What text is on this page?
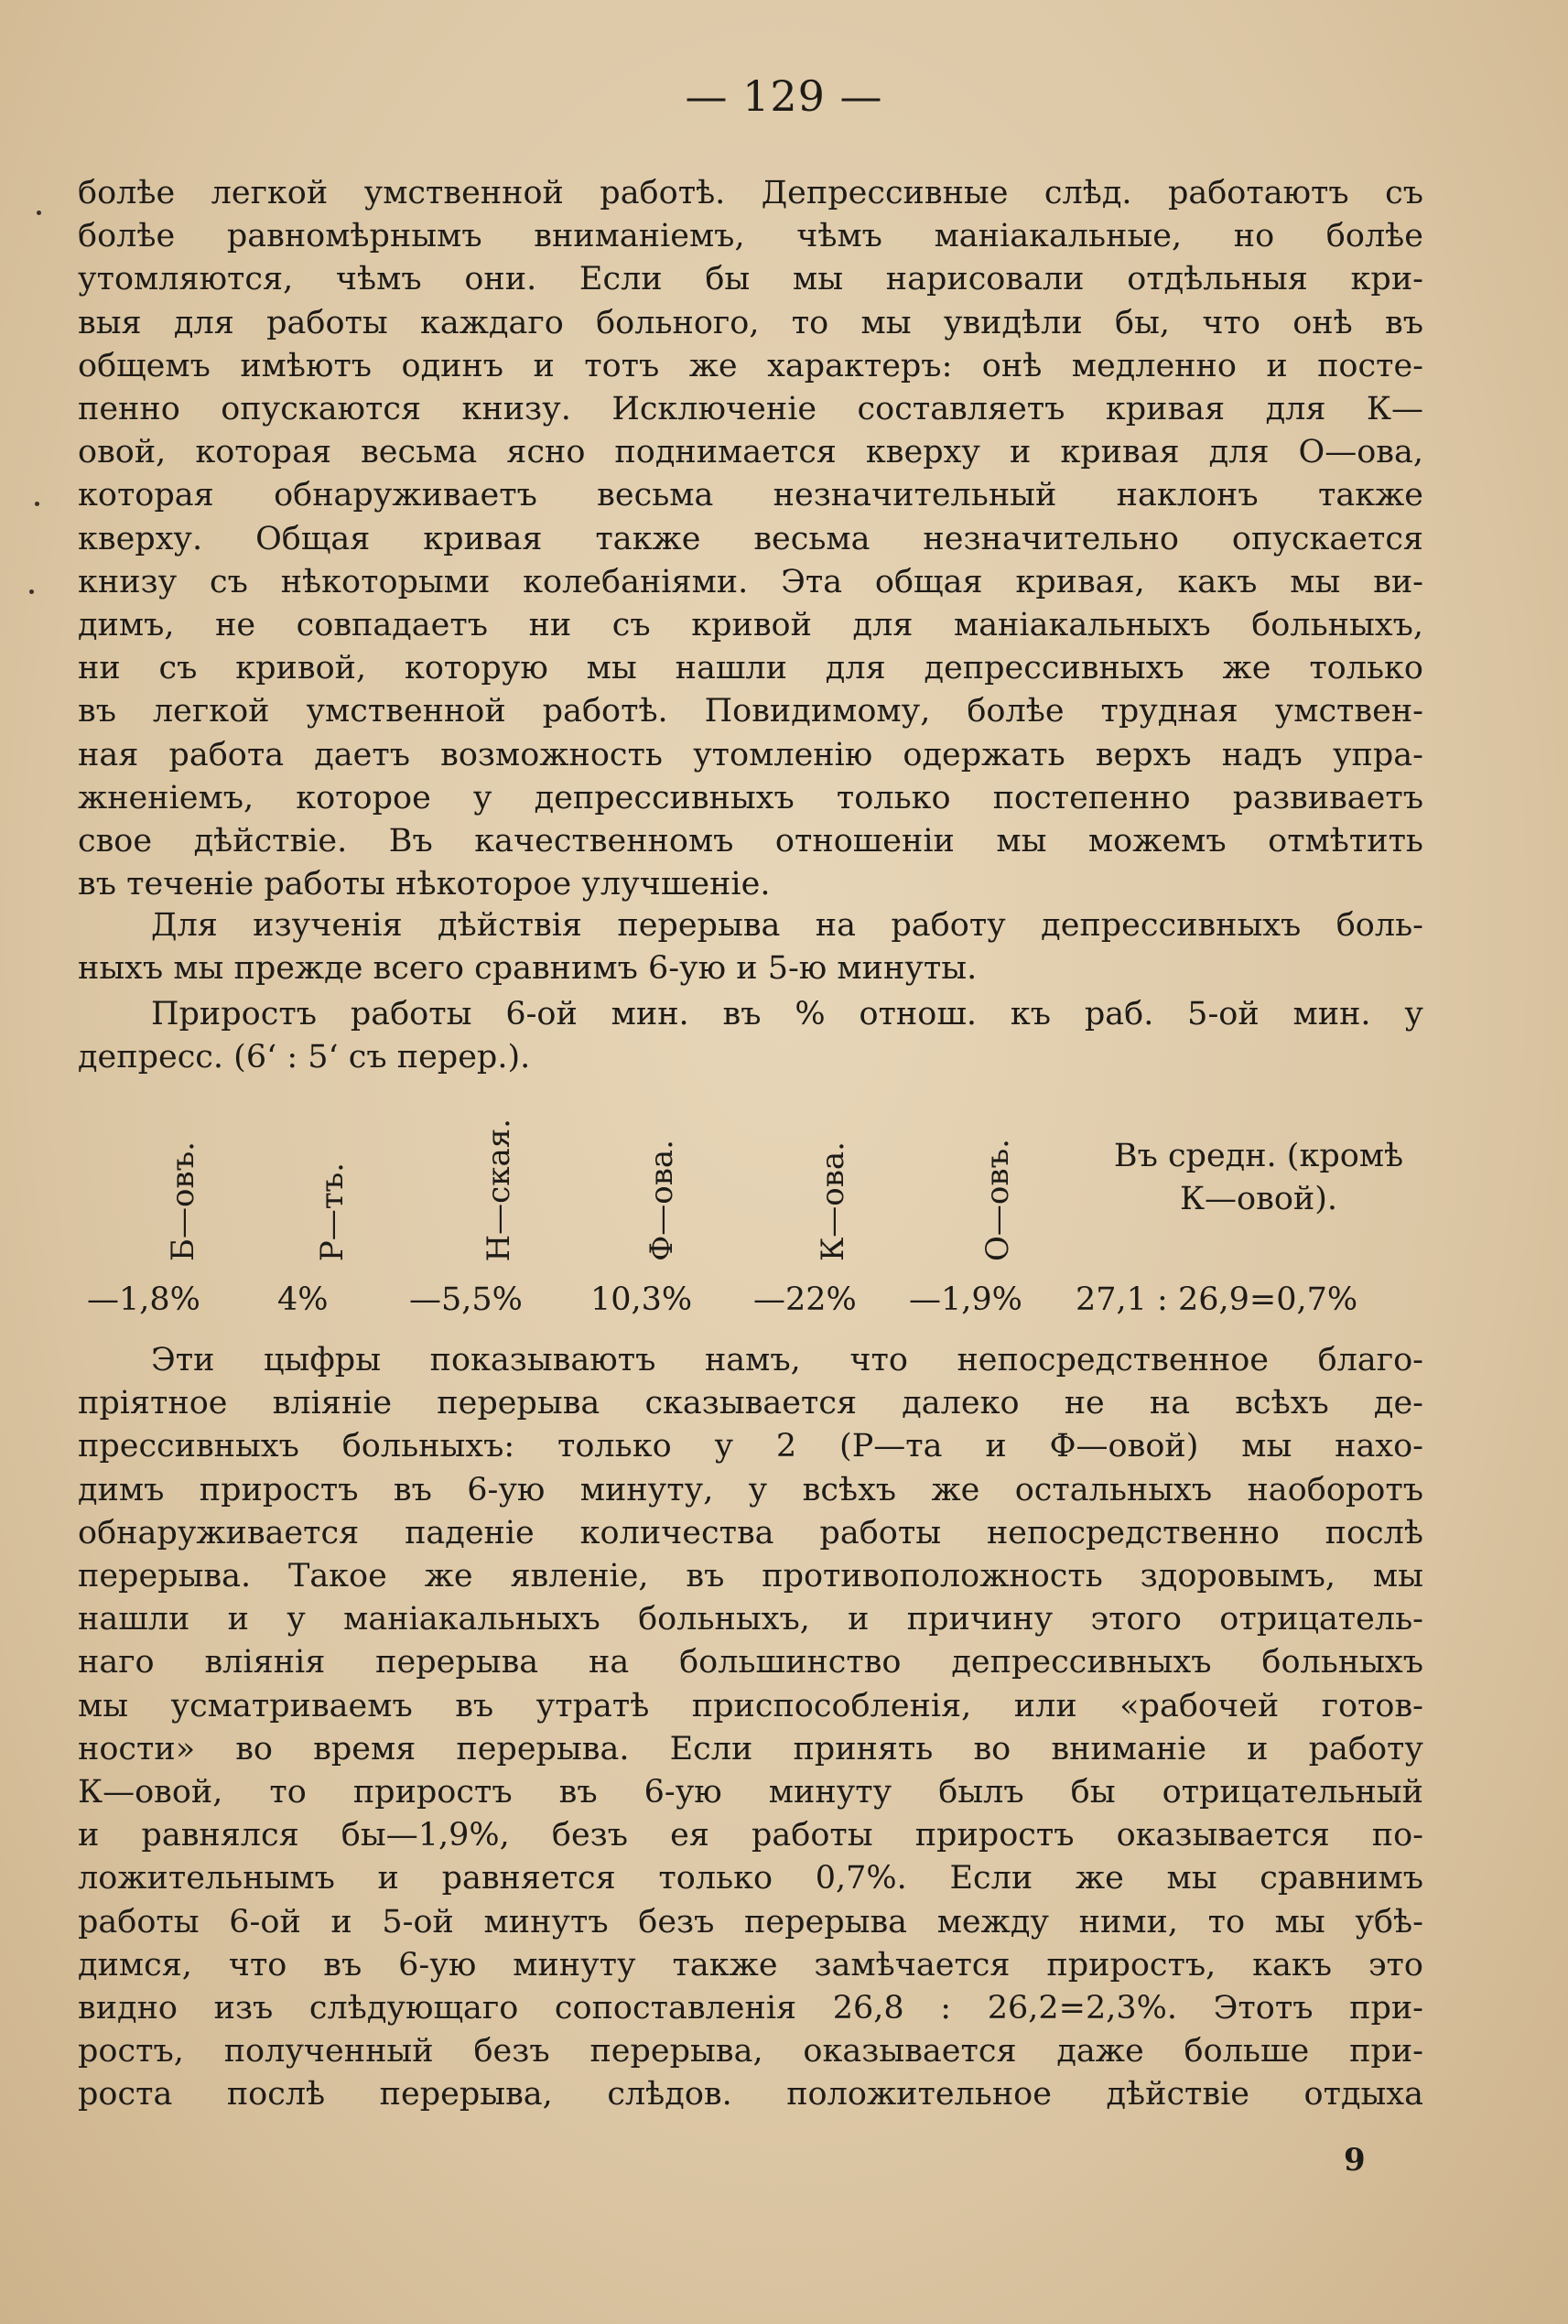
— 129 —
болѣе легкой умственной работѣ. Депрессивные слѣд. работаютъ съ
болѣе равномѣрнымъ вниманіемъ, чѣмъ маніакальные, но болѣе
утомляются, чѣмъ они. Если бы мы нарисовали отдѣльныя кри-
выя для работы каждаго больного, то мы увидѣли бы, что онѣ въ
общемъ имѣютъ одинъ и тотъ же характеръ: онѣ медленно и посте-
пенно опускаются книзу. Исключеніе составляетъ кривая для К—
овой, которая весьма ясно поднимается кверху и кривая для О—ова,
которая обнаруживаетъ весьма незначительный наклонъ также
кверху. Общая кривая также весьма незначительно опускается
книзу съ нѣкоторыми колебаніями. Эта общая кривая, какъ мы ви-
димъ, не совпадаетъ ни съ кривой для маніакальныхъ больныхъ,
ни съ кривой, которую мы нашли для депрессивныхъ же только
въ легкой умственной работѣ. Повидимому, болѣе трудная умствен-
ная работа даетъ возможность утомленію одержать верхъ надъ упра-
жненіемъ, которое у депрессивныхъ только постепенно развиваетъ
свое дѣйствіе. Въ качественномъ отношеніи мы можемъ отмѣтить
въ теченіе работы нѣкоторое улучшеніе.
Для изученія дѣйствія перерыва на работу депрессивныхъ боль-
ныхъ мы прежде всего сравнимъ 6-ую и 5-ю минуты.
Приростъ работы 6-ой мин. въ % отнош. къ раб. 5-ой мин. у
депресс. (6‘ : 5‘ съ перер.).
Б—овъ.	Р—тъ.	Н—ская.	Ф—ова.	К—ова.	О—овъ.	Въ средн. (кромѣ
К—овой).
—1,8% 4%	—5,5% 10,3% —22% —1,9% 27,1 : 26,9=0,7%
Эти цыфры показываютъ намъ, что непосредственное благо-
пріятное вліяніе перерыва сказывается далеко не на всѣхъ де-
прессивныхъ больныхъ: только у 2 (Р—та и Ф—овой) мы нахо-
димъ приростъ въ 6-ую минуту, у всѣхъ же остальныхъ наоборотъ
обнаруживается паденіе количества работы непосредственно послѣ
перерыва. Такое же явленіе, въ противоположность здоровымъ, мы
нашли и у маніакальныхъ больныхъ, и причину этого отрицатель-
наго вліянія перерыва на большинство депрессивныхъ больныхъ
мы усматриваемъ въ утратѣ приспособленія, или «рабочей готов-
ности» во время перерыва. Если принять во вниманіе и работу
К—овой, то приростъ въ 6-ую минуту былъ бы отрицательный
и равнялся бы—1,9%, безъ ея работы приростъ оказывается по-
ложительнымъ и равняется только 0,7%. Если же мы сравнимъ
работы 6-ой и 5-ой минутъ безъ перерыва между ними, то мы убѣ-
димся, что въ 6-ую минуту также замѣчается приростъ, какъ это
видно изъ слѣдующаго сопоставленія 26,8 : 26,2=2,3%. Этотъ при-
ростъ, полученный безъ перерыва, оказывается даже больше при-
роста послѣ перерыва, слѣдов. положительное дѣйствіе отдыха
9
